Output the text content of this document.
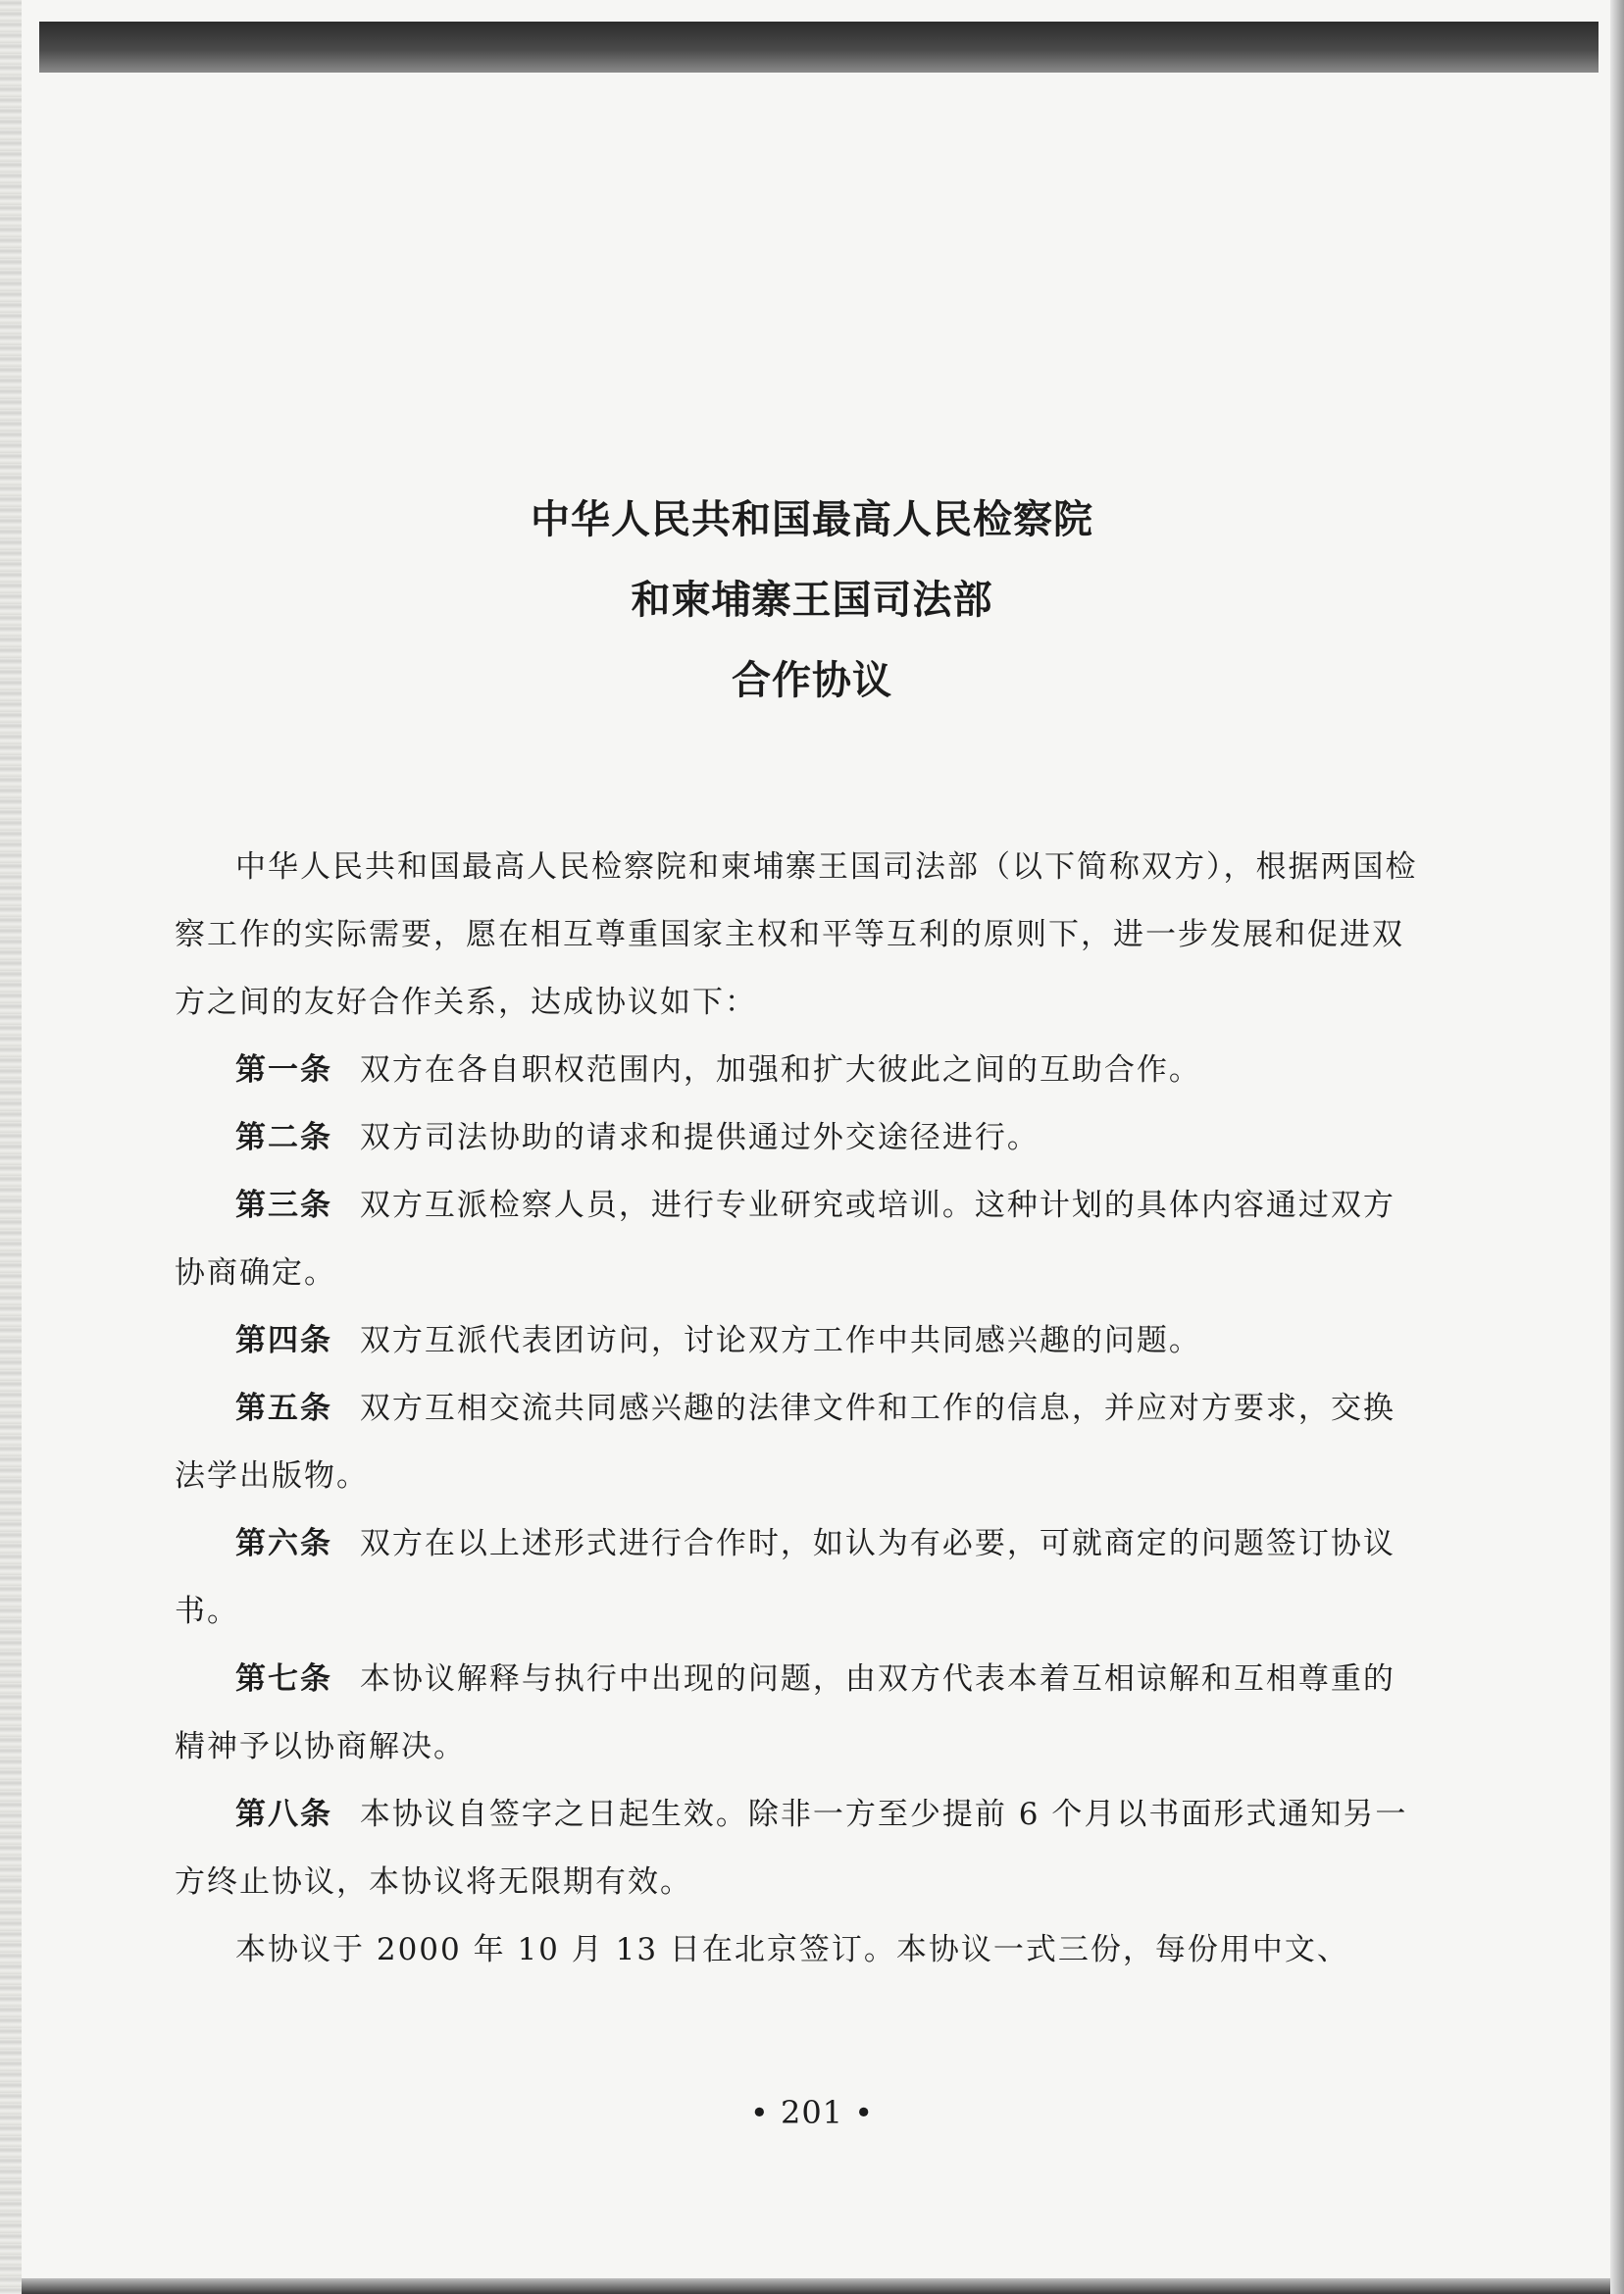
中华人民共和国最高人民检察院
和柬埔寨王国司法部
合作协议

中华人民共和国最高人民检察院和柬埔寨王国司法部（以下简称双方），根据两国检察工作的实际需要，愿在相互尊重国家主权和平等互利的原则下，进一步发展和促进双方之间的友好合作关系，达成协议如下：

第一条 双方在各自职权范围内，加强和扩大彼此之间的互助合作。

第二条 双方司法协助的请求和提供通过外交途径进行。

第三条 双方互派检察人员，进行专业研究或培训。这种计划的具体内容通过双方协商确定。

第四条 双方互派代表团访问，讨论双方工作中共同感兴趣的问题。

第五条 双方互相交流共同感兴趣的法律文件和工作的信息，并应对方要求，交换法学出版物。

第六条 双方在以上述形式进行合作时，如认为有必要，可就商定的问题签订协议书。

第七条 本协议解释与执行中出现的问题，由双方代表本着互相谅解和互相尊重的精神予以协商解决。

第八条 本协议自签字之日起生效。除非一方至少提前 6 个月以书面形式通知另一方终止协议，本协议将无限期有效。

本协议于 2000 年 10 月 13 日在北京签订。本协议一式三份，每份用中文、

• 201 •
